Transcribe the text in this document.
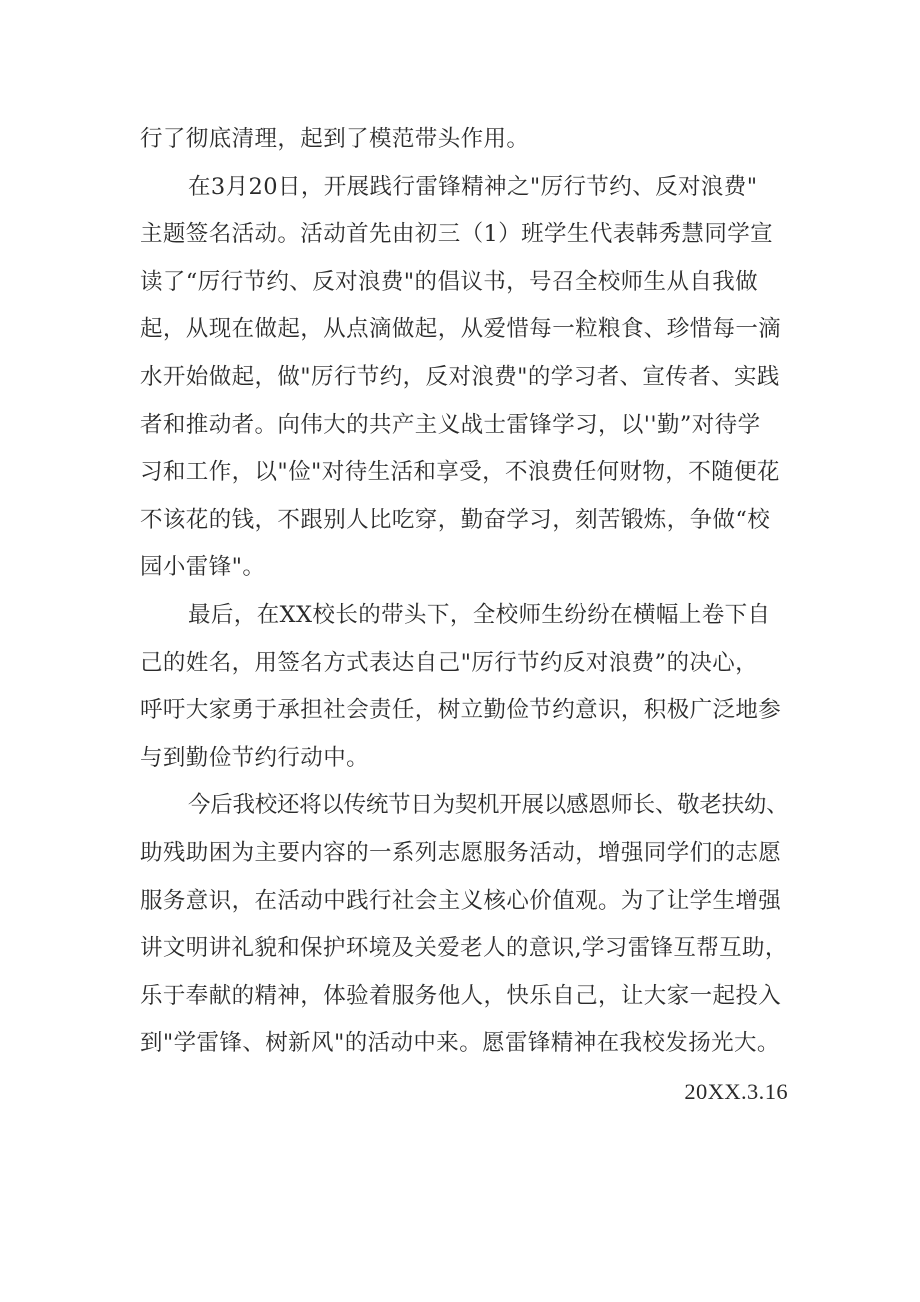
行了彻底清理，起到了模范带头作用。
在3月20日，开展践行雷锋精神之"厉行节约、反对浪费"
主题签名活动。活动首先由初三（1）班学生代表韩秀慧同学宣
读了“厉行节约、反对浪费"的倡议书，号召全校师生从自我做
起，从现在做起，从点滴做起，从爱惜每一粒粮食、珍惜每一滴
水开始做起，做"厉行节约，反对浪费"的学习者、宣传者、实践
者和推动者。向伟大的共产主义战士雷锋学习，以''勤”对待学
习和工作，以"俭"对待生活和享受，不浪费任何财物，不随便花
不该花的钱，不跟别人比吃穿，勤奋学习，刻苦锻炼，争做“校
园小雷锋"。
最后，在XX校长的带头下，全校师生纷纷在横幅上卷下自
己的姓名，用签名方式表达自己"厉行节约反对浪费”的决心，
呼吁大家勇于承担社会责任，树立勤俭节约意识，积极广泛地参
与到勤俭节约行动中。
今后我校还将以传统节日为契机开展以感恩师长、敬老扶幼、
助残助困为主要内容的一系列志愿服务活动，增强同学们的志愿
服务意识，在活动中践行社会主义核心价值观。为了让学生增强
讲文明讲礼貌和保护环境及关爱老人的意识,学习雷锋互帮互助，
乐于奉献的精神，体验着服务他人，快乐自己，让大家一起投入
到"学雷锋、树新风"的活动中来。愿雷锋精神在我校发扬光大。
20XX.3.16
